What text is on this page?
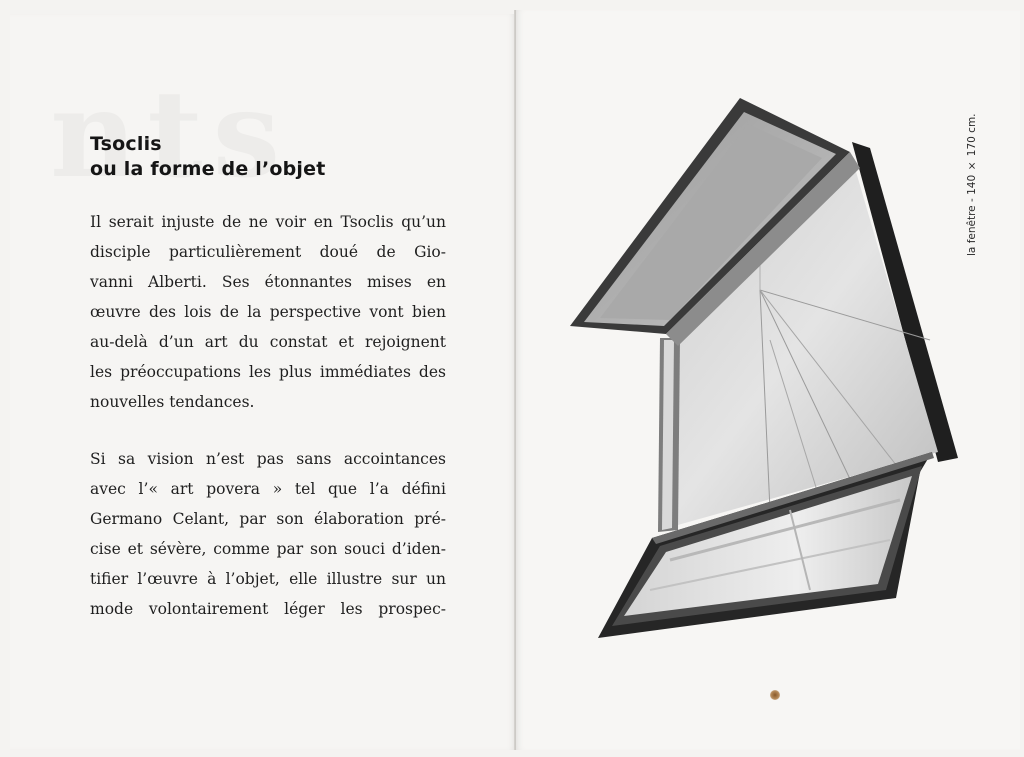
Tsoclis
ou la forme de l’objet

Il serait injuste de ne voir en Tsoclis qu’un
disciple particulièrement doué de Gio-
vanni Alberti. Ses étonnantes mises en
œuvre des lois de la perspective vont bien
au-delà d’un art du constat et rejoignent
les préoccupations les plus immédiates des
nouvelles tendances.

Si sa vision n’est pas sans accointances
avec l’« art povera » tel que l’a défini
Germano Celant, par son élaboration pré-
cise et sévère, comme par son souci d’iden-
tifier l’œuvre à l’objet, elle illustre sur un
mode volontairement léger les prospec-

la fenêtre - 140 × 170 cm.
